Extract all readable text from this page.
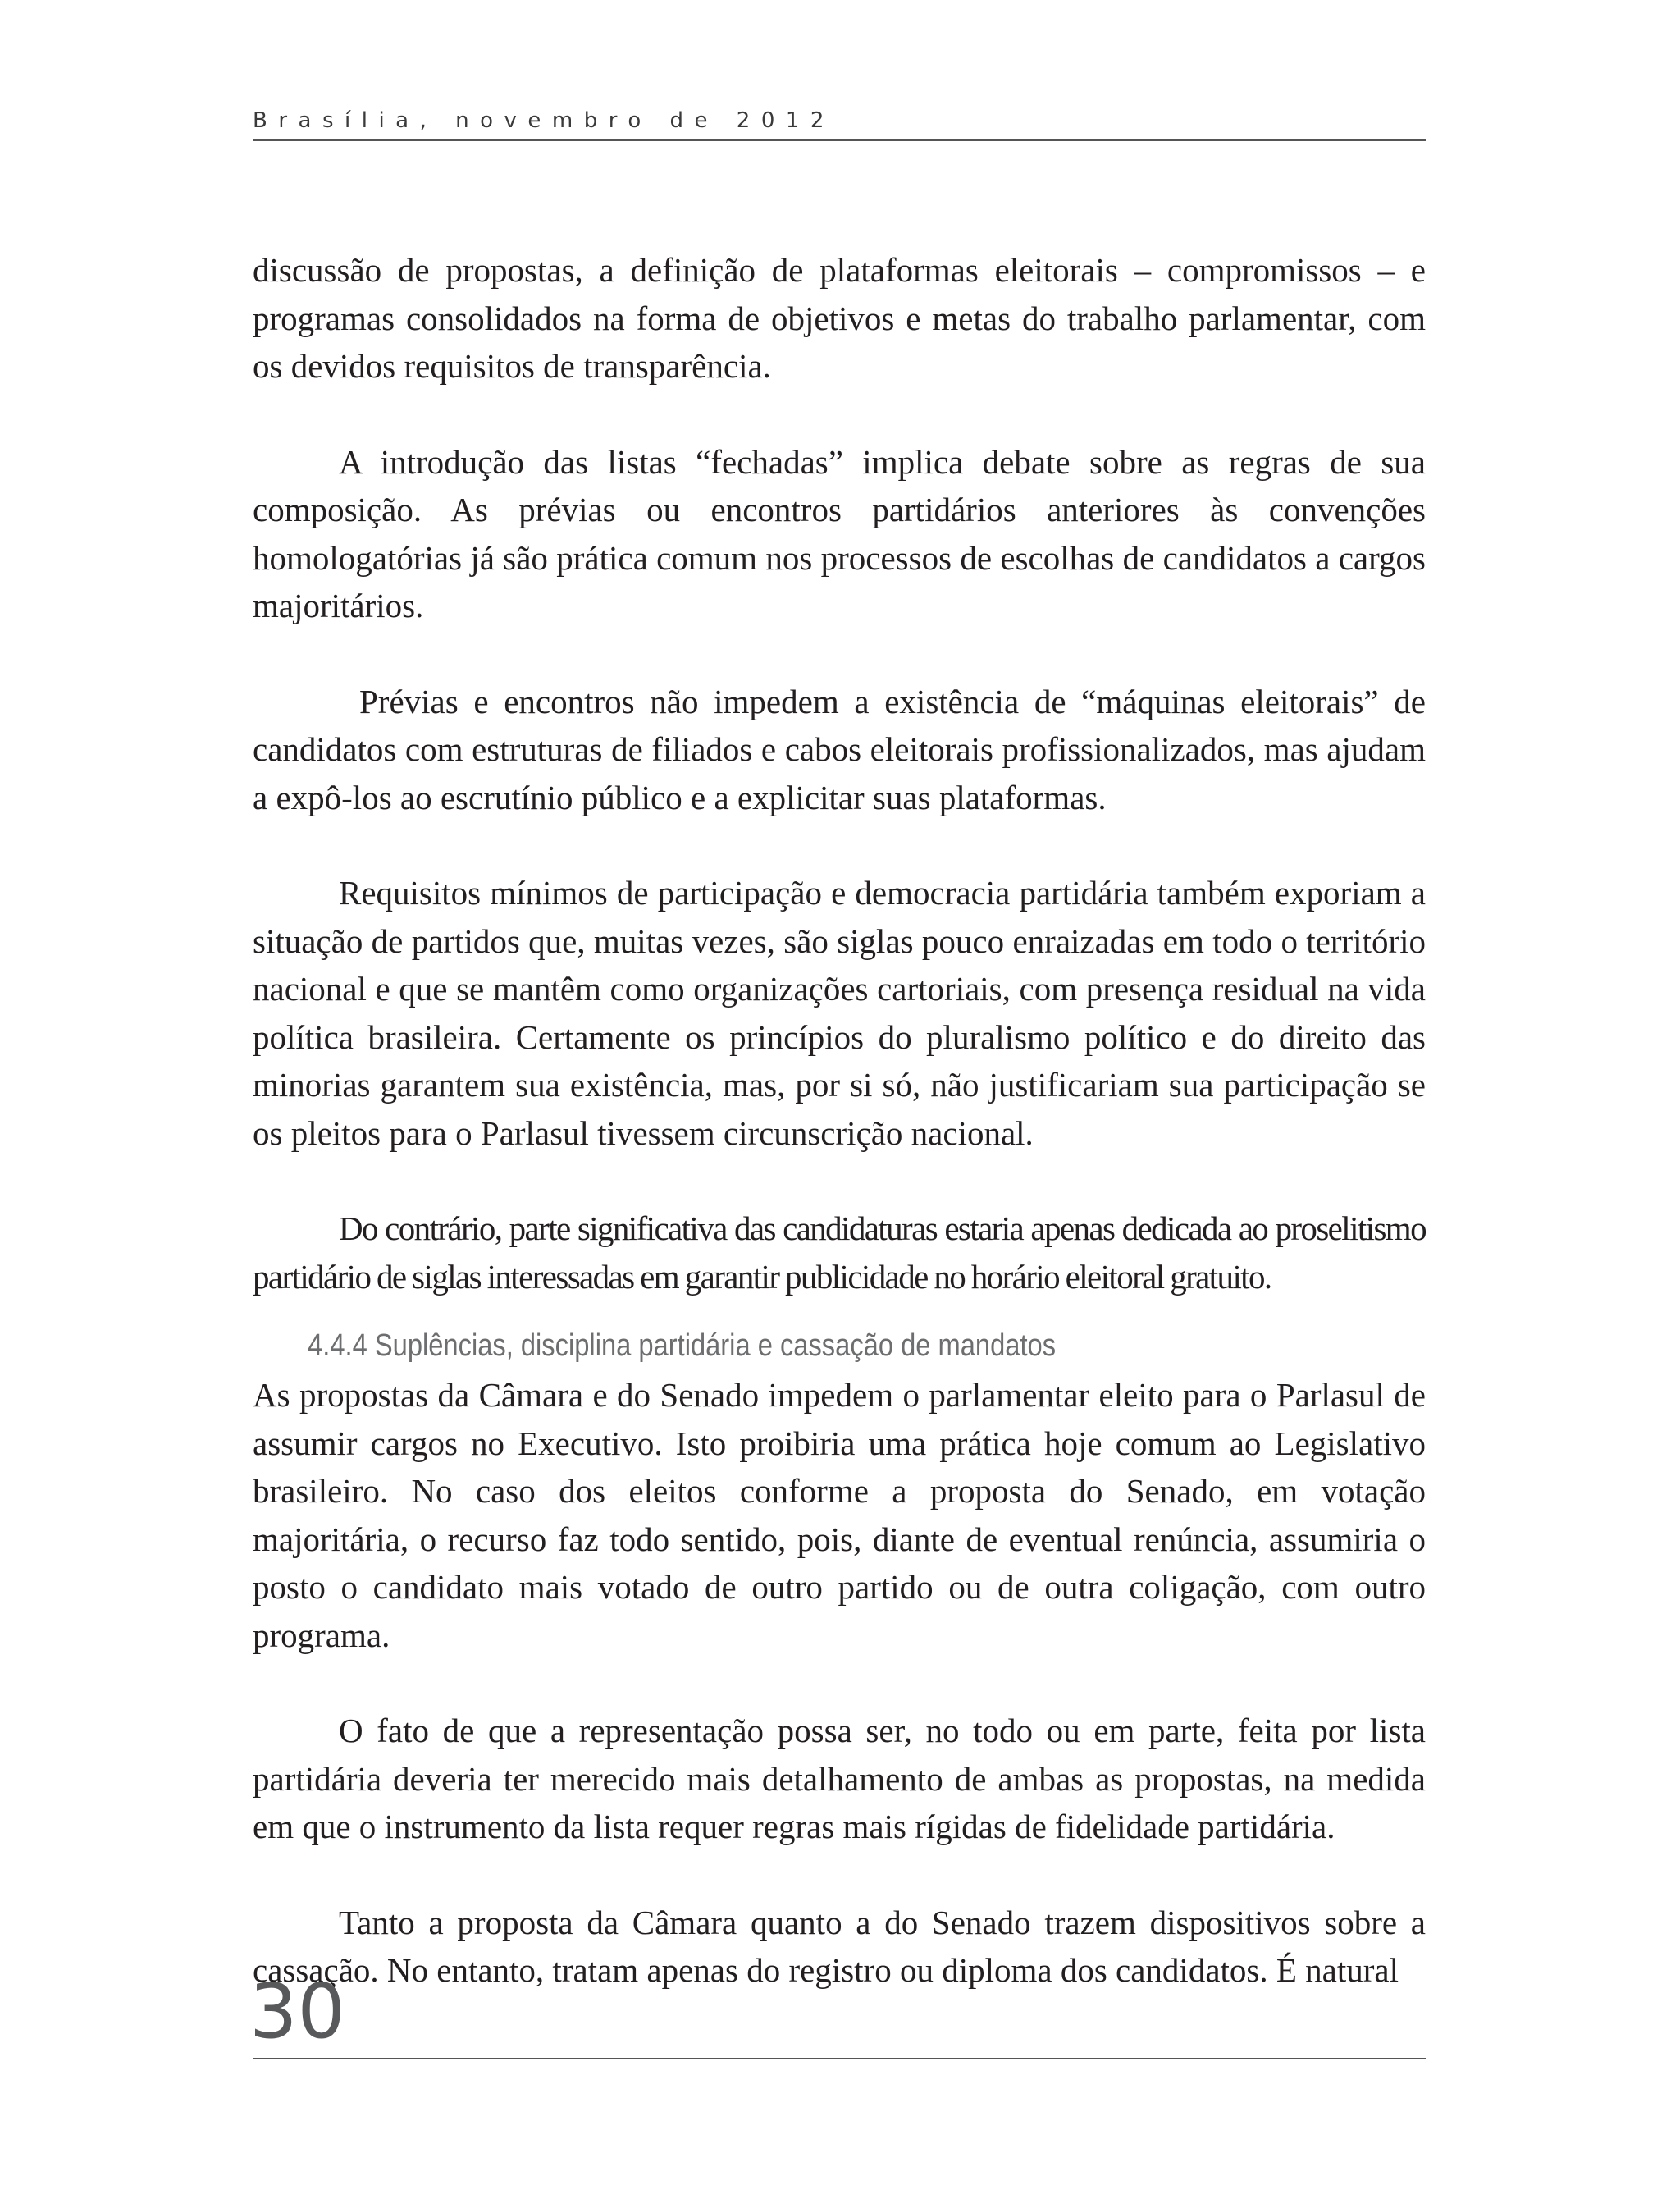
Brasília, novembro de 2012

discussão de propostas, a definição de plataformas eleitorais – compromissos – e programas consolidados na forma de objetivos e metas do trabalho parlamentar, com os devidos requisitos de transparência.

A introdução das listas “fechadas” implica debate sobre as regras de sua composição. As prévias ou encontros partidários anteriores às convenções homologatórias já são prática comum nos processos de escolhas de candidatos a cargos majoritários.

Prévias e encontros não impedem a existência de “máquinas eleitorais” de candidatos com estruturas de filiados e cabos eleitorais profissionalizados, mas ajudam a expô-los ao escrutínio público e a explicitar suas plataformas.

Requisitos mínimos de participação e democracia partidária também exporiam a situação de partidos que, muitas vezes, são siglas pouco enraizadas em todo o território nacional e que se mantêm como organizações cartoriais, com presença residual na vida política brasileira. Certamente os princípios do pluralismo político e do direito das minorias garantem sua existência, mas, por si só, não justificariam sua participação se os pleitos para o Parlasul tivessem circunscrição nacional.

Do contrário, parte significativa das candidaturas estaria apenas dedicada ao proselitismo partidário de siglas interessadas em garantir publicidade no horário eleitoral gratuito.

4.4.4 Suplências, disciplina partidária e cassação de mandatos

As propostas da Câmara e do Senado impedem o parlamentar eleito para o Parlasul de assumir cargos no Executivo. Isto proibiria uma prática hoje comum ao Legislativo brasileiro. No caso dos eleitos conforme a proposta do Senado, em votação majoritária, o recurso faz todo sentido, pois, diante de eventual renúncia, assumiria o posto o candidato mais votado de outro partido ou de outra coligação, com outro programa.

O fato de que a representação possa ser, no todo ou em parte, feita por lista partidária deveria ter merecido mais detalhamento de ambas as propostas, na medida em que o instrumento da lista requer regras mais rígidas de fidelidade partidária.

Tanto a proposta da Câmara quanto a do Senado trazem dispositivos sobre a cassação. No entanto, tratam apenas do registro ou diploma dos candidatos. É natural

30
